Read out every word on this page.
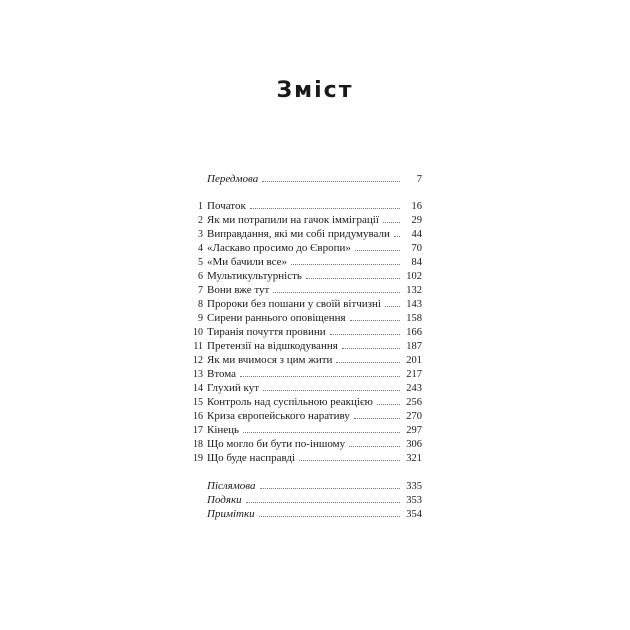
Зміст
Передмова	7
1 Початок	16
2 Як ми потрапили на гачок імміграції	29
3 Виправдання, які ми собі придумували	44
4 «Ласкаво просимо до Європи»	70
5 «Ми бачили все»	84
6 Мультикультурність	102
7 Вони вже тут	132
8 Пророки без пошани у своїй вітчизні 143
9 Сирени раннього оповіщення	158
10 Тиранія почуття провини	166
11 Претензії на відшкодування	187
12 Як ми вчимося з цим жити	201
13 Втома	217
14 Глухий кут	243
15 Контроль над суспільною реакцією	256
16 Криза європейського наративу	270
17 Кінець	297
18 Що могло би бути по-іншому	306
19 Що буде насправді	321
Післямова	335
Подяки	353
Примітки	354
